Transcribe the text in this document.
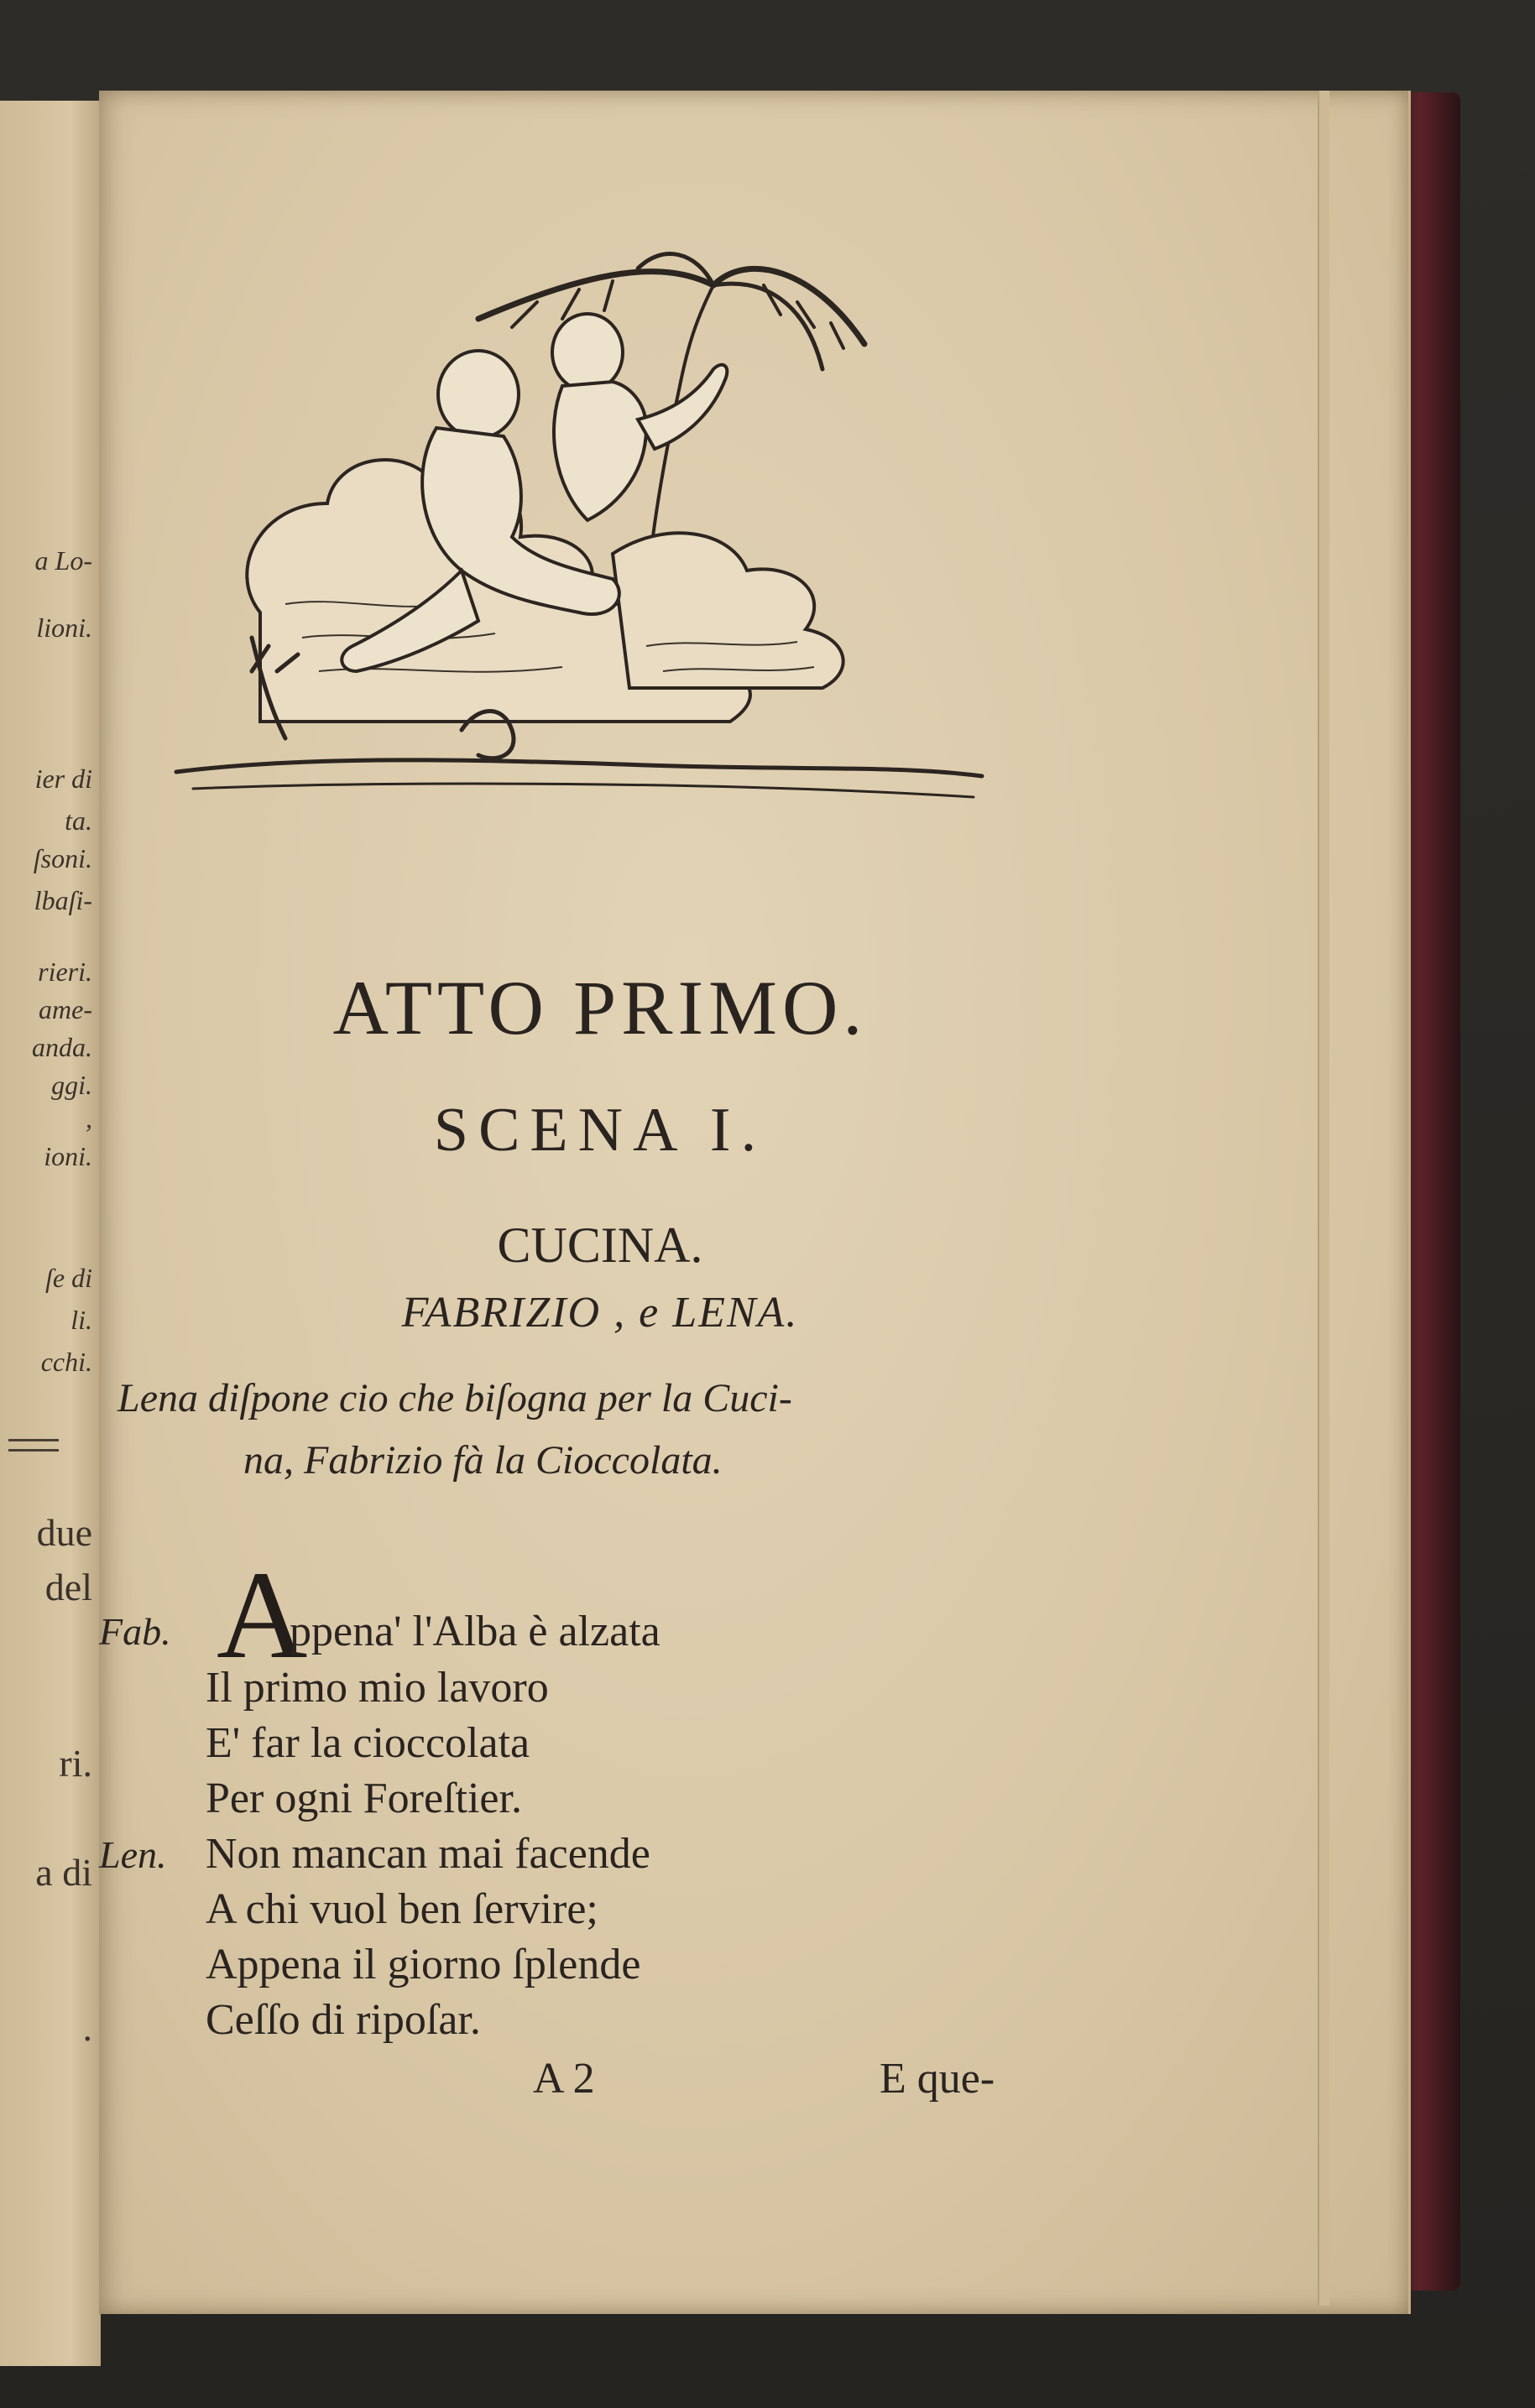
a Lo-
lioni.
ier di
ta.
ſsoni.
lbaſi-
rieri.
ame-
anda.
ggi.
,
ioni.
ſe di
li.
cchi.
due
del
ri.
a di
.
ATTO PRIMO.
SCENA I.
CUCINA.
FABRIZIO , e LENA.
Lena diſpone cio che biſogna per la Cuci-
na, Fabrizio fà la Cioccolata.
Fab. A
ppena' l'Alba è alzata
Il primo mio lavoro
E' far la cioccolata
Per ogni Foreſtier.
Len. Non mancan mai facende
A chi vuol ben ſervire;
Appena il giorno ſplende
Ceſſo di ripoſar.
A 2	E que-
